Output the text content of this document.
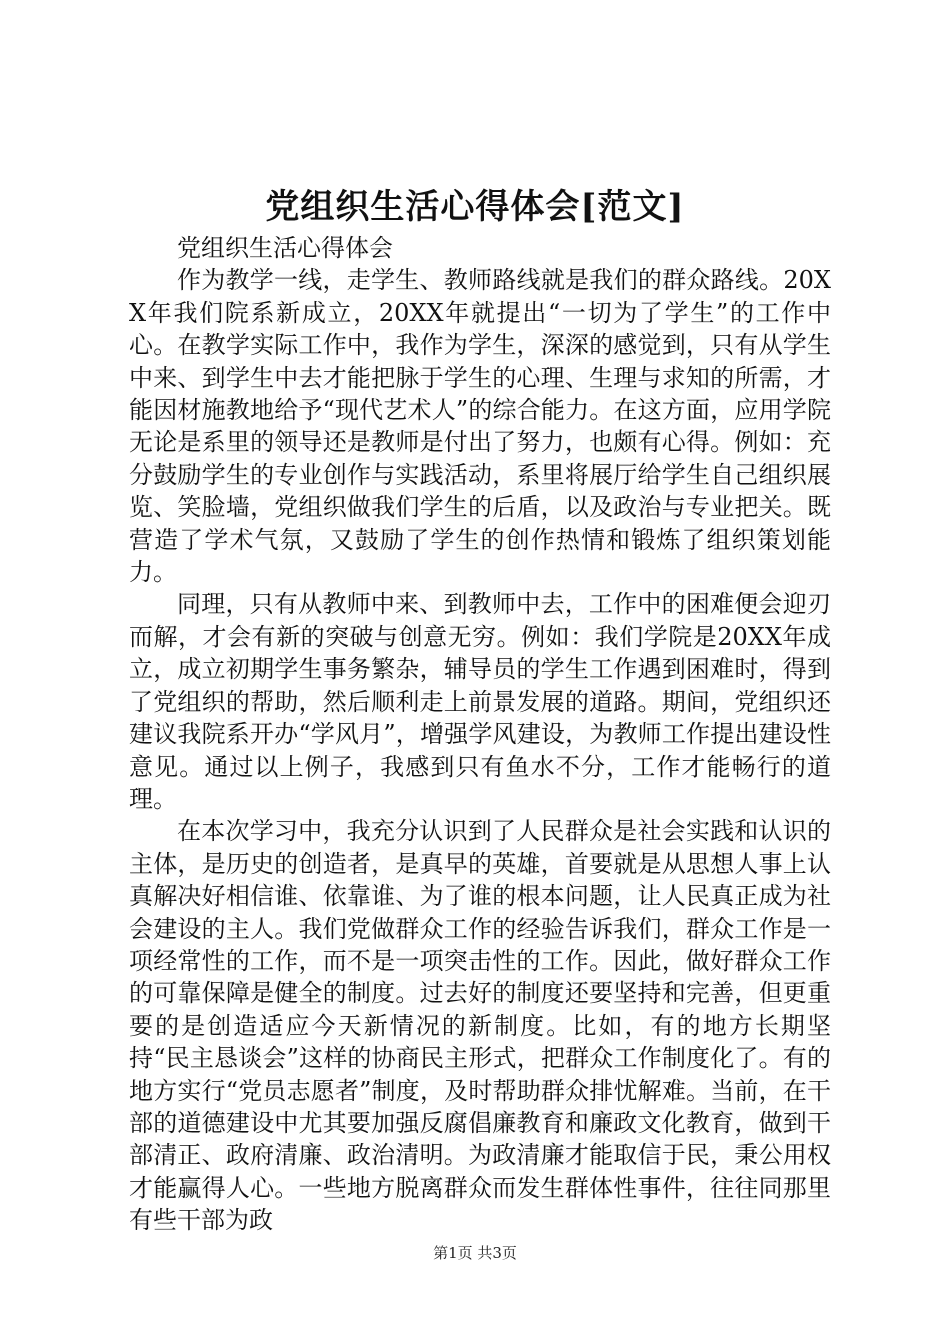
党组织生活心得体会[范文]

党组织生活心得体会

作为教学一线，走学生、教师路线就是我们的群众路线。20XX年我们院系新成立，20XX年就提出“一切为了学生”的工作中心。在教学实际工作中，我作为学生，深深的感觉到，只有从学生中来、到学生中去才能把脉于学生的心理、生理与求知的所需，才能因材施教地给予“现代艺术人”的综合能力。在这方面，应用学院无论是系里的领导还是教师是付出了努力，也颇有心得。例如：充分鼓励学生的专业创作与实践活动，系里将展厅给学生自己组织展览、笑脸墙，党组织做我们学生的后盾，以及政治与专业把关。既营造了学术气氛，又鼓励了学生的创作热情和锻炼了组织策划能力。

同理，只有从教师中来、到教师中去，工作中的困难便会迎刃而解，才会有新的突破与创意无穷。例如：我们学院是20XX年成立，成立初期学生事务繁杂，辅导员的学生工作遇到困难时，得到了党组织的帮助，然后顺利走上前景发展的道路。期间，党组织还建议我院系开办“学风月”，增强学风建设，为教师工作提出建设性意见。通过以上例子，我感到只有鱼水不分，工作才能畅行的道理。

在本次学习中，我充分认识到了人民群众是社会实践和认识的主体，是历史的创造者，是真早的英雄，首要就是从思想人事上认真解决好相信谁、依靠谁、为了谁的根本问题，让人民真正成为社会建设的主人。我们党做群众工作的经验告诉我们，群众工作是一项经常性的工作，而不是一项突击性的工作。因此，做好群众工作的可靠保障是健全的制度。过去好的制度还要坚持和完善，但更重要的是创造适应今天新情况的新制度。比如，有的地方长期坚持“民主恳谈会”这样的协商民主形式，把群众工作制度化了。有的地方实行“党员志愿者”制度，及时帮助群众排忧解难。当前，在干部的道德建设中尤其要加强反腐倡廉教育和廉政文化教育，做到干部清正、政府清廉、政治清明。为政清廉才能取信于民，秉公用权才能赢得人心。一些地方脱离群众而发生群体性事件，往往同那里有些干部为政

第1页 共3页
